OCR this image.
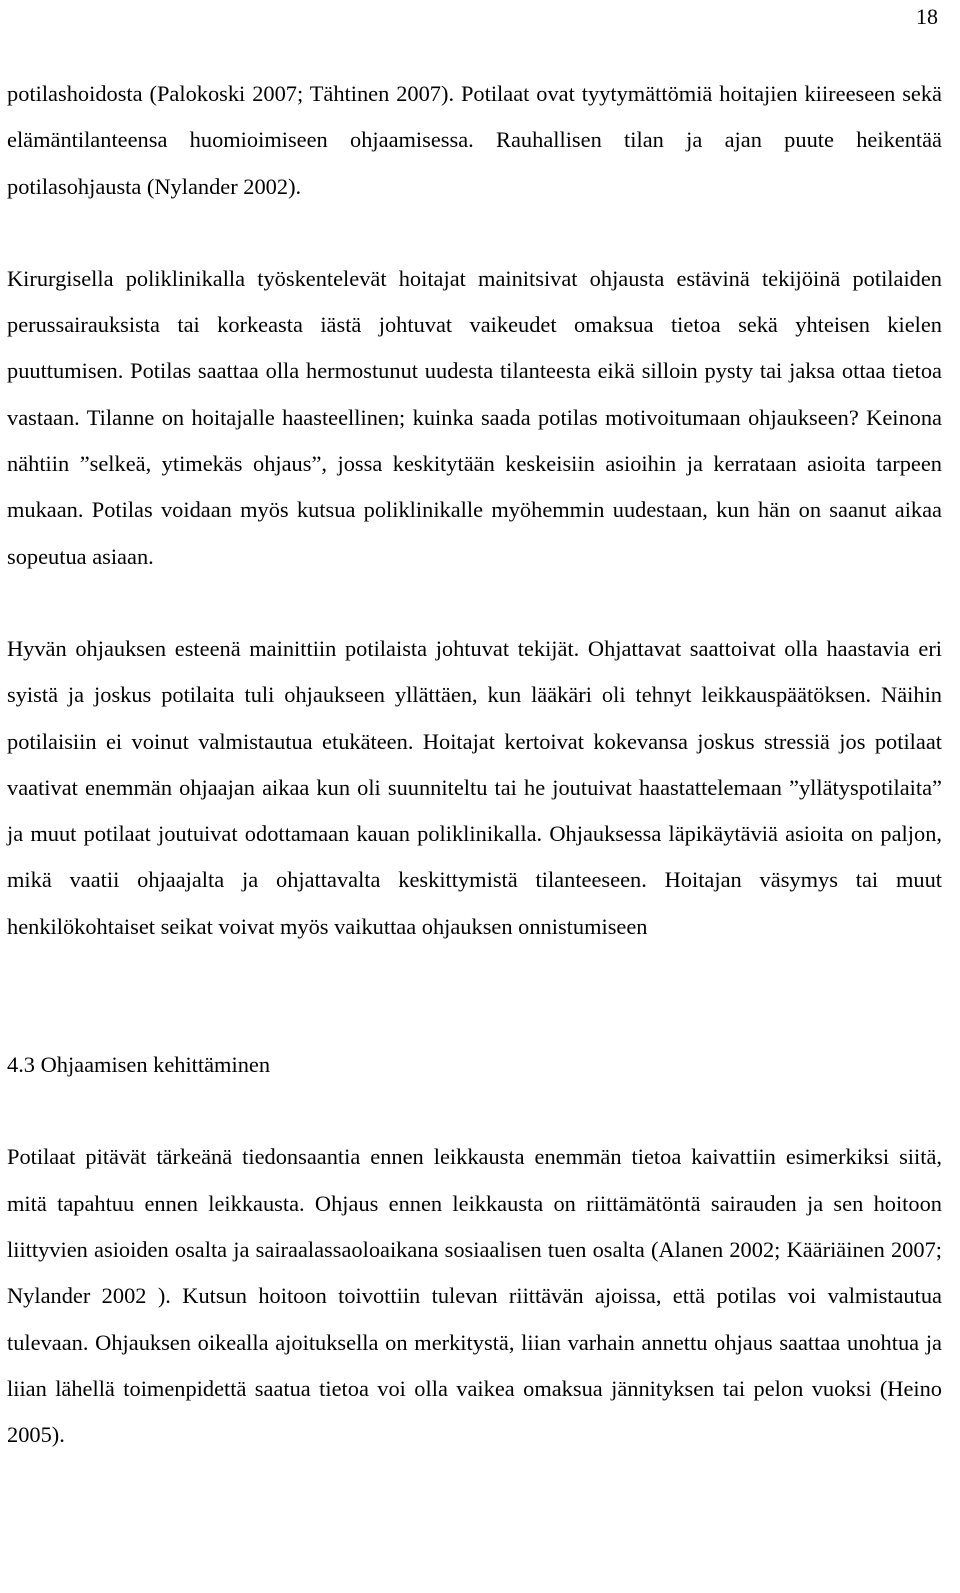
18

potilashoidosta (Palokoski 2007; Tähtinen 2007). Potilaat ovat tyytymättömiä hoitajien kiireeseen sekä elämäntilanteensa huomioimiseen ohjaamisessa. Rauhallisen tilan ja ajan puute heikentää potilasohjausta (Nylander 2002).

Kirurgisella poliklinikalla työskentelevät hoitajat mainitsivat ohjausta estävinä tekijöinä potilaiden perussairauksista tai korkeasta iästä johtuvat vaikeudet omaksua tietoa sekä yhteisen kielen puuttumisen. Potilas saattaa olla hermostunut uudesta tilanteesta eikä silloin pysty tai jaksa ottaa tietoa vastaan. Tilanne on hoitajalle haasteellinen; kuinka saada potilas motivoitumaan ohjaukseen? Keinona nähtiin ”selkeä, ytimekäs ohjaus”, jossa keskitytään keskeisiin asioihin ja kerrataan asioita tarpeen mukaan. Potilas voidaan myös kutsua poliklinikalle myöhemmin uudestaan, kun hän on saanut aikaa sopeutua asiaan.

Hyvän ohjauksen esteenä mainittiin potilaista johtuvat tekijät. Ohjattavat saattoivat olla haastavia eri syistä ja joskus potilaita tuli ohjaukseen yllättäen, kun lääkäri oli tehnyt leikkauspäätöksen. Näihin potilaisiin ei voinut valmistautua etukäteen. Hoitajat kertoivat kokevansa joskus stressiä jos potilaat vaativat enemmän ohjaajan aikaa kun oli suunniteltu tai he joutuivat haastattelemaan ”yllätyspotilaita” ja muut potilaat joutuivat odottamaan kauan poliklinikalla. Ohjauksessa läpikäytäviä asioita on paljon, mikä vaatii ohjaajalta ja ohjattavalta keskittymistä tilanteeseen. Hoitajan väsymys tai muut henkilökohtaiset seikat voivat myös vaikuttaa ohjauksen onnistumiseen

4.3 Ohjaamisen kehittäminen

Potilaat pitävät tärkeänä tiedonsaantia ennen leikkausta enemmän tietoa kaivattiin esimerkiksi siitä, mitä tapahtuu ennen leikkausta. Ohjaus ennen leikkausta on riittämätöntä sairauden ja sen hoitoon liittyvien asioiden osalta ja sairaalassaoloaikana sosiaalisen tuen osalta (Alanen 2002; Kääriäinen 2007; Nylander 2002 ). Kutsun hoitoon toivottiin tulevan riittävän ajoissa, että potilas voi valmistautua tulevaan. Ohjauksen oikealla ajoituksella on merkitystä, liian varhain annettu ohjaus saattaa unohtua ja liian lähellä toimenpidettä saatua tietoa voi olla vaikea omaksua jännityksen tai pelon vuoksi (Heino 2005).
